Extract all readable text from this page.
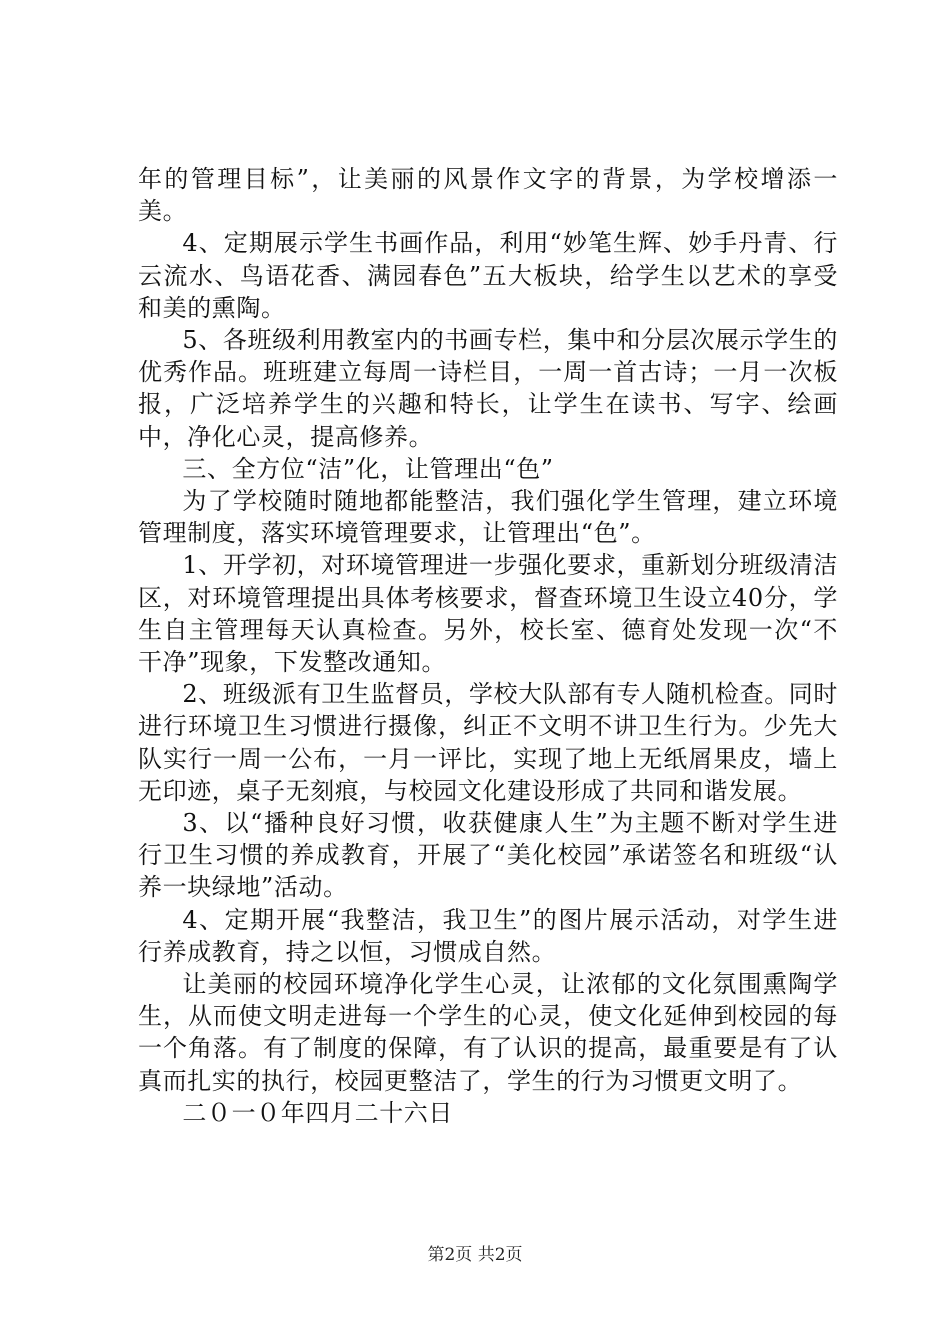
年的管理目标”，让美丽的风景作文字的背景，为学校增添一美。

4、定期展示学生书画作品，利用“妙笔生辉、妙手丹青、行云流水、鸟语花香、满园春色”五大板块，给学生以艺术的享受和美的熏陶。

5、各班级利用教室内的书画专栏，集中和分层次展示学生的优秀作品。班班建立每周一诗栏目，一周一首古诗；一月一次板报，广泛培养学生的兴趣和特长，让学生在读书、写字、绘画中，净化心灵，提高修养。

三、全方位“洁”化，让管理出“色”

为了学校随时随地都能整洁，我们强化学生管理，建立环境管理制度，落实环境管理要求，让管理出“色”。

1、开学初，对环境管理进一步强化要求，重新划分班级清洁区，对环境管理提出具体考核要求，督查环境卫生设立40分，学生自主管理每天认真检查。另外，校长室、德育处发现一次“不干净”现象，下发整改通知。

2、班级派有卫生监督员，学校大队部有专人随机检查。同时进行环境卫生习惯进行摄像，纠正不文明不讲卫生行为。少先大队实行一周一公布，一月一评比，实现了地上无纸屑果皮，墙上无印迹，桌子无刻痕，与校园文化建设形成了共同和谐发展。

3、以“播种良好习惯，收获健康人生”为主题不断对学生进行卫生习惯的养成教育，开展了“美化校园”承诺签名和班级“认养一块绿地”活动。

4、定期开展“我整洁，我卫生”的图片展示活动，对学生进行养成教育，持之以恒，习惯成自然。

让美丽的校园环境净化学生心灵，让浓郁的文化氛围熏陶学生，从而使文明走进每一个学生的心灵，使文化延伸到校园的每一个角落。有了制度的保障，有了认识的提高，最重要是有了认真而扎实的执行，校园更整洁了，学生的行为习惯更文明了。

二０一０年四月二十六日

第2页 共2页
